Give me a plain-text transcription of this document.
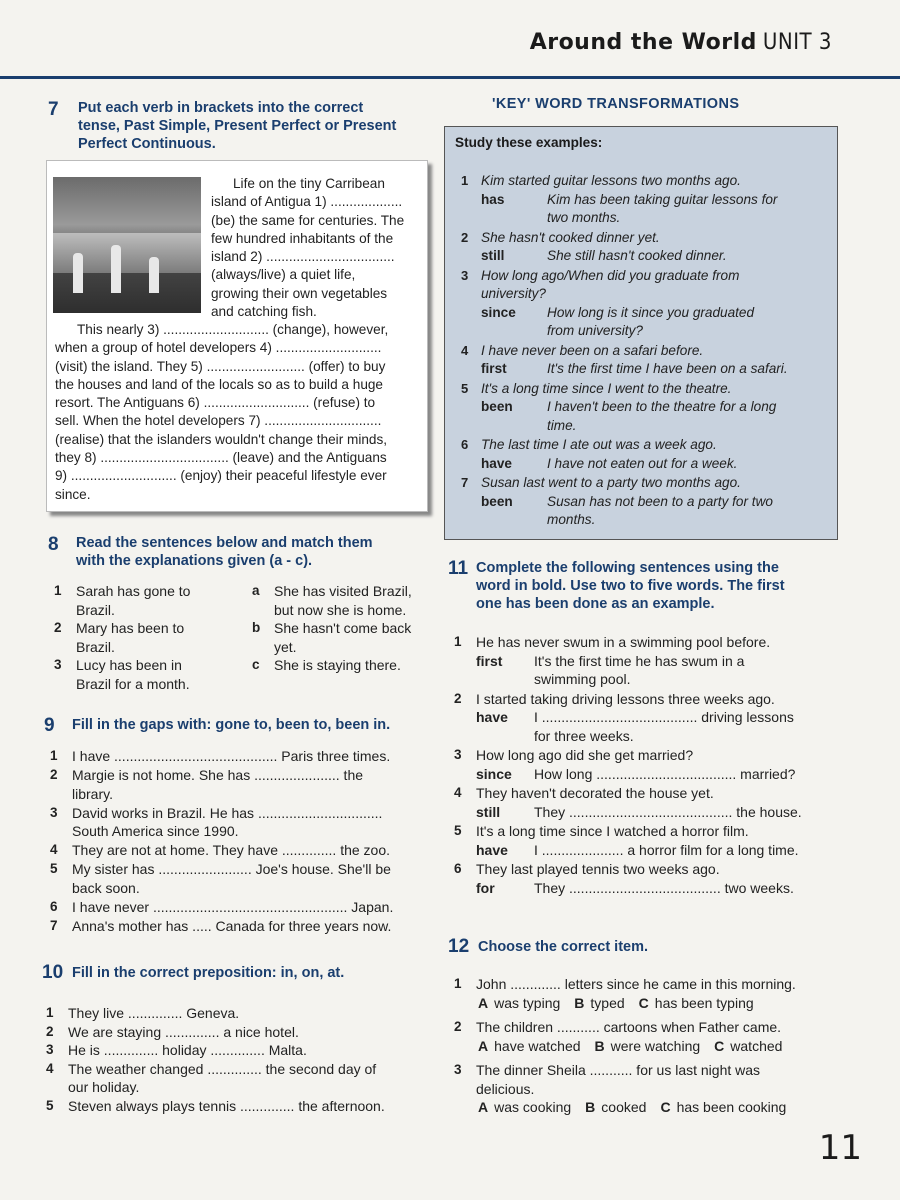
Around the World UNIT 3
7 Put each verb in brackets into the correct
tense, Past Simple, Present Perfect or Present
Perfect Continuous.
Life on the tiny Carribean
island of Antigua 1) ...................
(be) the same for centuries. The
few hundred inhabitants of the
island 2) ..................................
(always/live) a quiet life,
growing their own vegetables
and catching fish.
This nearly 3) ............................ (change), however,
when a group of hotel developers 4) ............................
(visit) the island. They 5) .......................... (offer) to buy
the houses and land of the locals so as to build a huge
resort. The Antiguans 6) ............................ (refuse) to
sell. When the hotel developers 7) ...............................
(realise) that the islanders wouldn't change their minds,
they 8) .................................. (leave) and the Antiguans
9) ............................ (enjoy) their peaceful lifestyle ever
since.
'KEY' WORD TRANSFORMATIONS
Study these examples:
1 Kim started guitar lessons two months ago.
has	Kim has been taking guitar lessons for
two months.
2 She hasn't cooked dinner yet.
still	She still hasn't cooked dinner.
3 How long ago/When did you graduate from
university?
since	How long is it since you graduated
from university?
4 I have never been on a safari before.
first	It's the first time I have been on a safari.
5 It's a long time since I went to the theatre.
been	I haven't been to the theatre for a long
time.
6 The last time I ate out was a week ago.
have	I have not eaten out for a week.
7 Susan last went to a party two months ago.
been	Susan has not been to a party for two
months.
8 Read the sentences below and match them
with the explanations given (a - c).
1	Sarah has gone to
Brazil.
2	Mary has been to
Brazil.
3	Lucy has been in
Brazil for a month.
a	She has visited Brazil,
but now she is home.
b She hasn't come back
yet.
c	She is staying there.
9 Fill in the gaps with: gone to, been to, been in.
1	I have .......................................... Paris three times.
2	Margie is not home. She has ...................... the
library.
3	David works in Brazil. He has ................................
South America since 1990.
4	They are not at home. They have .............. the zoo.
5	My sister has ........................ Joe's house. She'll be
back soon.
6	I have never .................................................. Japan.
7	Anna's mother has ..... Canada for three years now.
10 Fill in the correct preposition: in, on, at.
1	They live .............. Geneva.
2	We are staying .............. a nice hotel.
3	He is .............. holiday .............. Malta.
4	The weather changed .............. the second day of
our holiday.
5	Steven always plays tennis .............. the afternoon.
11 Complete the following sentences using the
word in bold. Use two to five words. The first
one has been done as an example.
1	He has never swum in a swimming pool before.
first	It's the first time he has swum in a
swimming pool.
2	I started taking driving lessons three weeks ago.
have	I ........................................ driving lessons
for three weeks.
3	How long ago did she get married?
since	How long .................................... married?
4	They haven't decorated the house yet.
still	They .......................................... the house.
5	It's a long time since I watched a horror film.
have	I ..................... a horror film for a long time.
6	They last played tennis two weeks ago.
for	They ....................................... two weeks.
12 Choose the correct item.
1	John ............. letters since he came in this morning.
A was typing B typed C has been typing
2	The children ........... cartoons when Father came.
A have watched B were watching C watched
3	The dinner Sheila ........... for us last night was
delicious.
A was cooking B cooked C has been cooking
11
